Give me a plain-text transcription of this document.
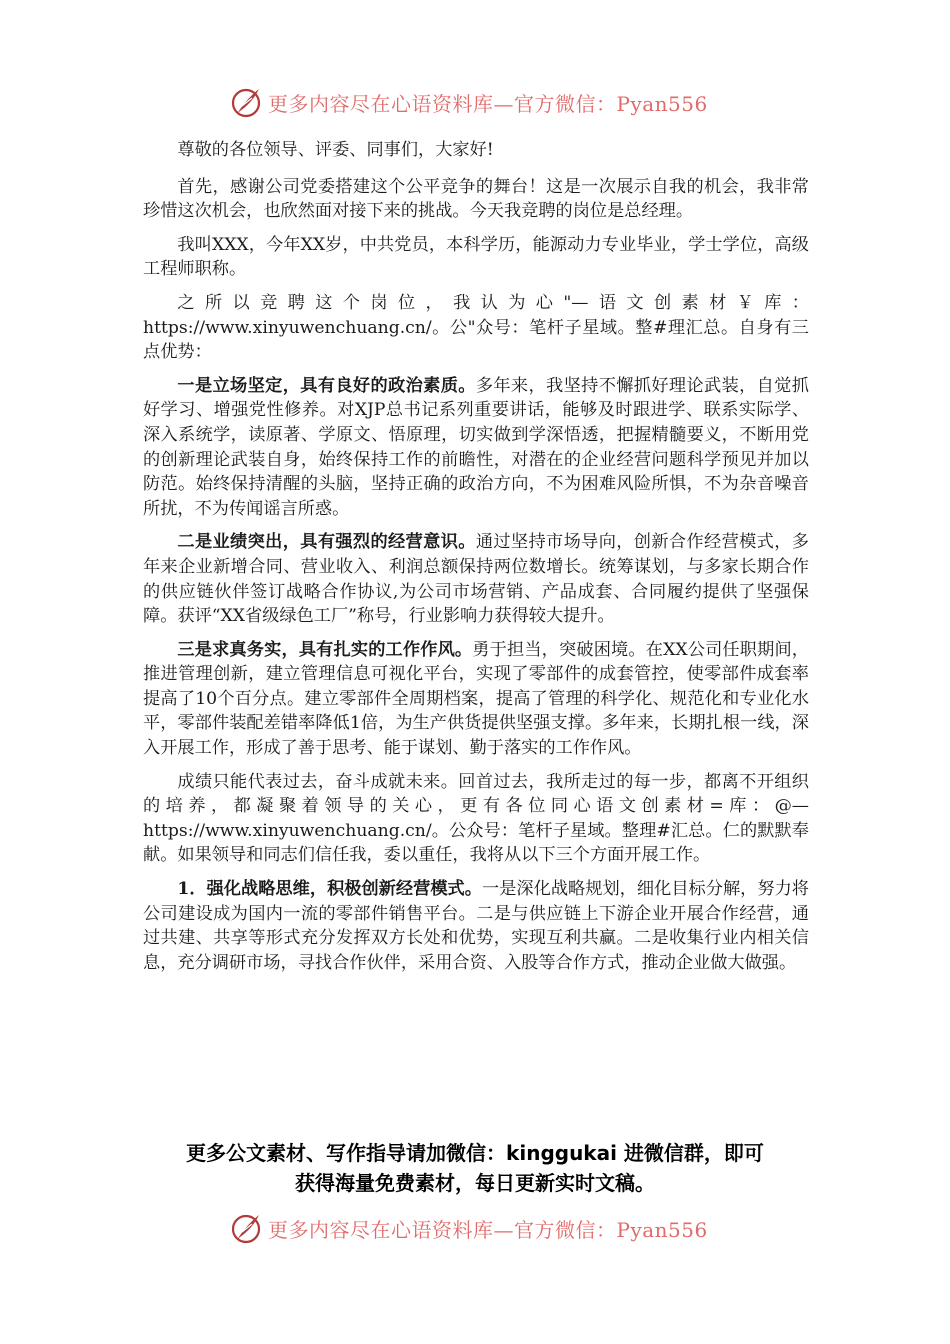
更多内容尽在心语资料库—官方微信：Pyan556

尊敬的各位领导、评委、同事们，大家好!

首先，感谢公司党委搭建这个公平竞争的舞台！这是一次展示自我的机会，我非常珍惜这次机会，也欣然面对接下来的挑战。今天我竞聘的岗位是总经理。

我叫XXX，今年XX岁，中共党员，本科学历，能源动力专业毕业，学士学位，高级工程师职称。

之所以竞聘这个岗位，我认为心"—语文创素材￥库：https://www.xinyuwenchuang.cn/。公"众号：笔杆子星域。整#理汇总。自身有三点优势：

一是立场坚定，具有良好的政治素质。多年来，我坚持不懈抓好理论武装，自觉抓好学习、增强党性修养。对XJP总书记系列重要讲话，能够及时跟进学、联系实际学、深入系统学，读原著、学原文、悟原理，切实做到学深悟透，把握精髓要义，不断用党的创新理论武装自身，始终保持工作的前瞻性，对潜在的企业经营问题科学预见并加以防范。始终保持清醒的头脑，坚持正确的政治方向，不为困难风险所惧，不为杂音噪音所扰，不为传闻谣言所惑。

二是业绩突出，具有强烈的经营意识。通过坚持市场导向，创新合作经营模式，多年来企业新增合同、营业收入、利润总额保持两位数增长。统筹谋划，与多家长期合作的供应链伙伴签订战略合作协议,为公司市场营销、产品成套、合同履约提供了坚强保障。获评“XX省级绿色工厂”称号，行业影响力获得较大提升。

三是求真务实，具有扎实的工作作风。勇于担当，突破困境。在XX公司任职期间，推进管理创新，建立管理信息可视化平台，实现了零部件的成套管控，使零部件成套率提高了10个百分点。建立零部件全周期档案，提高了管理的科学化、规范化和专业化水平，零部件装配差错率降低1倍，为生产供货提供坚强支撑。多年来，长期扎根一线，深入开展工作，形成了善于思考、能于谋划、勤于落实的工作作风。

成绩只能代表过去，奋斗成就未来。回首过去，我所走过的每一步，都离不开组织的培养，都凝聚着领导的关心，更有各位同心语文创素材=库：@—https://www.xinyuwenchuang.cn/。公众号：笔杆子星域。整理#汇总。仁的默默奉献。如果领导和同志们信任我，委以重任，我将从以下三个方面开展工作。

1．强化战略思维，积极创新经营模式。一是深化战略规划，细化目标分解，努力将公司建设成为国内一流的零部件销售平台。二是与供应链上下游企业开展合作经营，通过共建、共享等形式充分发挥双方长处和优势，实现互利共赢。二是收集行业内相关信息，充分调研市场，寻找合作伙伴，采用合资、入股等合作方式，推动企业做大做强。

更多公文素材、写作指导请加微信：kinggukai 进微信群，即可
获得海量免费素材，每日更新实时文稿。
更多内容尽在心语资料库—官方微信：Pyan556
